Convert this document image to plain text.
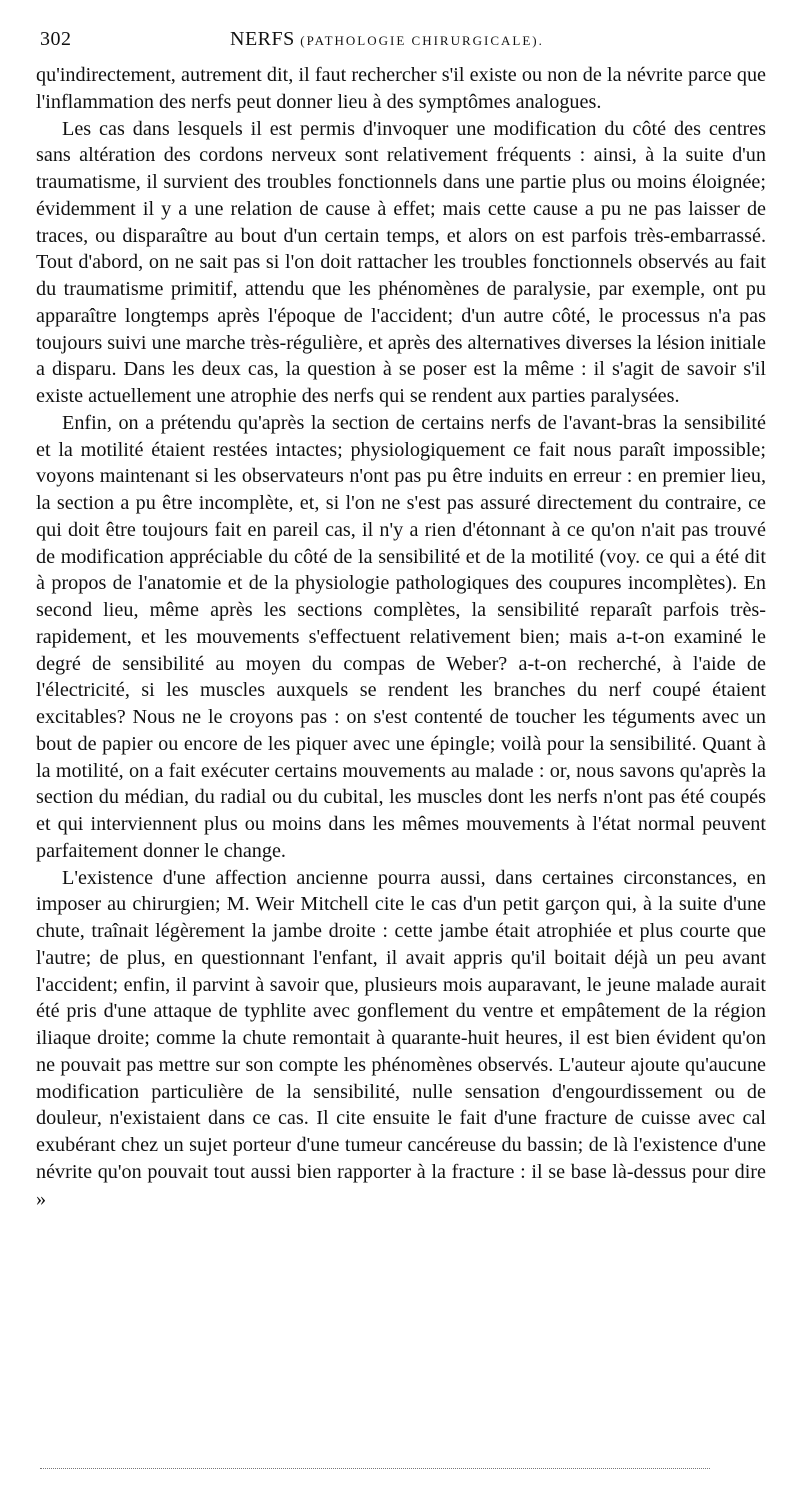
302	NERFS (PATHOLOGIE CHIRURGICALE).

qu'indirectement, autrement dit, il faut rechercher s'il existe ou non de la névrite parce que l'inflammation des nerfs peut donner lieu à des symptômes analogues.

Les cas dans lesquels il est permis d'invoquer une modification du côté des centres sans altération des cordons nerveux sont relativement fréquents : ainsi, à la suite d'un traumatisme, il survient des troubles fonctionnels dans une partie plus ou moins éloignée; évidemment il y a une relation de cause à effet; mais cette cause a pu ne pas laisser de traces, ou disparaître au bout d'un certain temps, et alors on est parfois très-embarrassé. Tout d'abord, on ne sait pas si l'on doit rattacher les troubles fonctionnels observés au fait du traumatisme primitif, attendu que les phénomènes de paralysie, par exemple, ont pu apparaître longtemps après l'époque de l'accident; d'un autre côté, le processus n'a pas toujours suivi une marche très-régulière, et après des alternatives diverses la lésion initiale a disparu. Dans les deux cas, la question à se poser est la même : il s'agit de savoir s'il existe actuellement une atrophie des nerfs qui se rendent aux parties paralysées.

Enfin, on a prétendu qu'après la section de certains nerfs de l'avant-bras la sensibilité et la motilité étaient restées intactes; physiologiquement ce fait nous paraît impossible; voyons maintenant si les observateurs n'ont pas pu être induits en erreur : en premier lieu, la section a pu être incomplète, et, si l'on ne s'est pas assuré directement du contraire, ce qui doit être toujours fait en pareil cas, il n'y a rien d'étonnant à ce qu'on n'ait pas trouvé de modification appréciable du côté de la sensibilité et de la motilité (voy. ce qui a été dit à propos de l'anatomie et de la physiologie pathologiques des coupures incomplètes). En second lieu, même après les sections complètes, la sensibilité reparaît parfois très-rapidement, et les mouvements s'effectuent relativement bien; mais a-t-on examiné le degré de sensibilité au moyen du compas de Weber? a-t-on recherché, à l'aide de l'électricité, si les muscles auxquels se rendent les branches du nerf coupé étaient excitables? Nous ne le croyons pas : on s'est contenté de toucher les téguments avec un bout de papier ou encore de les piquer avec une épingle; voilà pour la sensibilité. Quant à la motilité, on a fait exécuter certains mouvements au malade : or, nous savons qu'après la section du médian, du radial ou du cubital, les muscles dont les nerfs n'ont pas été coupés et qui interviennent plus ou moins dans les mêmes mouvements à l'état normal peuvent parfaitement donner le change.

L'existence d'une affection ancienne pourra aussi, dans certaines circonstances, en imposer au chirurgien; M. Weir Mitchell cite le cas d'un petit garçon qui, à la suite d'une chute, traînait légèrement la jambe droite : cette jambe était atrophiée et plus courte que l'autre; de plus, en questionnant l'enfant, il avait appris qu'il boitait déjà un peu avant l'accident; enfin, il parvint à savoir que, plusieurs mois auparavant, le jeune malade aurait été pris d'une attaque de typhlite avec gonflement du ventre et empâtement de la région iliaque droite; comme la chute remontait à quarante-huit heures, il est bien évident qu'on ne pouvait pas mettre sur son compte les phénomènes observés. L'auteur ajoute qu'aucune modification particulière de la sensibilité, nulle sensation d'engourdissement ou de douleur, n'existaient dans ce cas. Il cite ensuite le fait d'une fracture de cuisse avec cal exubérant chez un sujet porteur d'une tumeur cancéreuse du bassin; de là l'existence d'une névrite qu'on pouvait tout aussi bien rapporter à la fracture : il se base là-dessus pour dire »
